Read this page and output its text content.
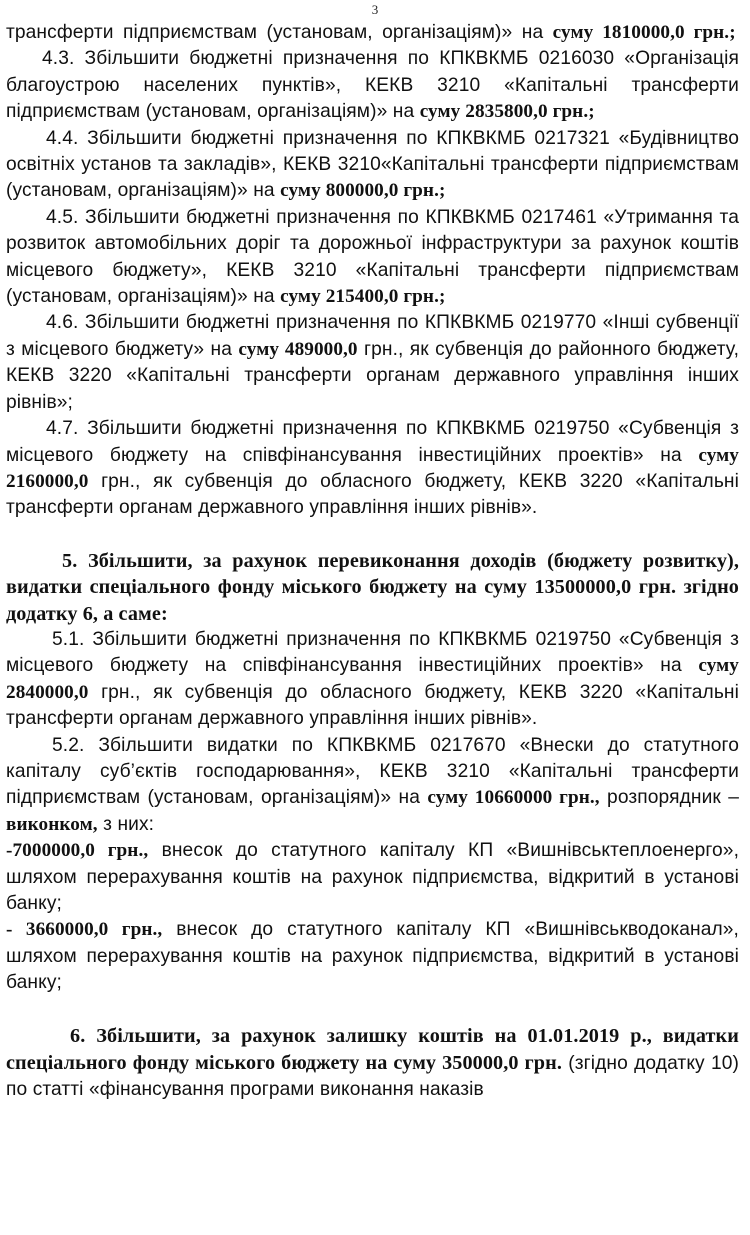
3

трансферти підприємствам (установам, організаціям)» на суму 1810000,0 грн.;

4.3. Збільшити бюджетні призначення по КПКВКМБ 0216030 «Організація благоустрою населених пунктів», КЕКВ 3210 «Капітальні трансферти підприємствам (установам, організаціям)» на суму 2835800,0 грн.;

4.4. Збільшити бюджетні призначення по КПКВКМБ 0217321 «Будівництво освітніх установ та закладів», КЕКВ 3210«Капітальні трансферти підприємствам (установам, організаціям)» на суму 800000,0 грн.;

4.5. Збільшити бюджетні призначення по КПКВКМБ 0217461 «Утримання та розвиток автомобільних доріг та дорожньої інфраструктури за рахунок коштів місцевого бюджету», КЕКВ 3210 «Капітальні трансферти підприємствам (установам, організаціям)» на суму 215400,0 грн.;

4.6. Збільшити бюджетні призначення по КПКВКМБ 0219770 «Інші субвенції з місцевого бюджету» на суму 489000,0 грн., як субвенція до районного бюджету, КЕКВ 3220 «Капітальні трансферти органам державного управління інших рівнів»;

4.7. Збільшити бюджетні призначення по КПКВКМБ 0219750 «Субвенція з місцевого бюджету на співфінансування інвестиційних проектів» на суму 2160000,0 грн., як субвенція до обласного бюджету, КЕКВ 3220 «Капітальні трансферти органам державного управління інших рівнів».

5. Збільшити, за рахунок перевиконання доходів (бюджету розвитку), видатки спеціального фонду міського бюджету на суму 13500000,0 грн. згідно додатку 6, а саме:

5.1. Збільшити бюджетні призначення по КПКВКМБ 0219750 «Субвенція з місцевого бюджету на співфінансування інвестиційних проектів» на суму 2840000,0 грн., як субвенція до обласного бюджету, КЕКВ 3220 «Капітальні трансферти органам державного управління інших рівнів».

5.2. Збільшити видатки по КПКВКМБ 0217670 «Внески до статутного капіталу суб’єктів господарювання», КЕКВ 3210 «Капітальні трансферти підприємствам (установам, організаціям)» на суму 10660000 грн., розпорядник – виконком, з них:

-7000000,0 грн., внесок до статутного капіталу КП «Вишнівськтеплоенерго», шляхом перерахування коштів на рахунок підприємства, відкритий в установі банку;

- 3660000,0 грн., внесок до статутного капіталу КП «Вишнівськводоканал», шляхом перерахування коштів на рахунок підприємства, відкритий в установі банку;

6. Збільшити, за рахунок залишку коштів на 01.01.2019 р., видатки спеціального фонду міського бюджету на суму 350000,0 грн. (згідно додатку 10) по статті «фінансування програми виконання наказів
